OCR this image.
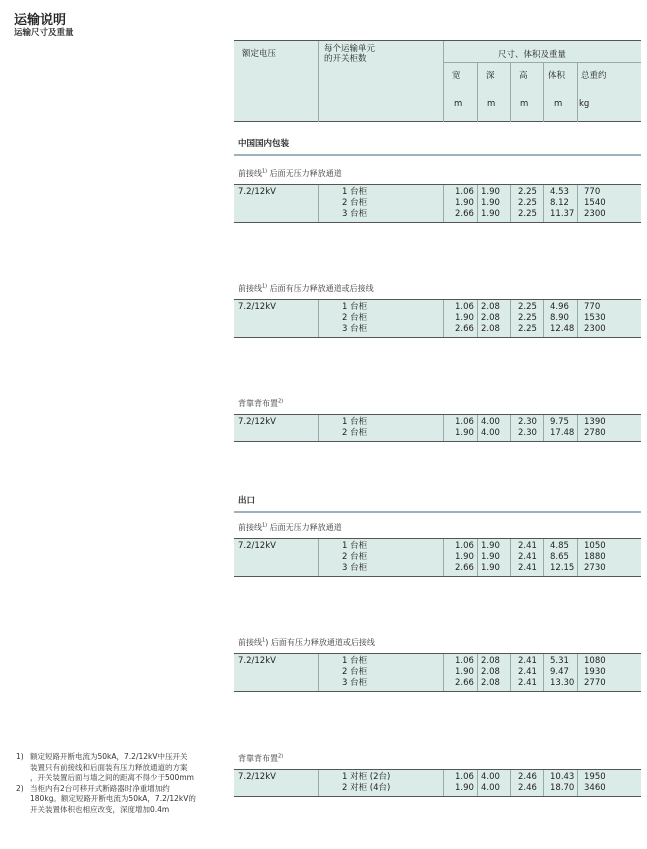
运输说明
运输尺寸及重量
额定电压	每个运输单元
的开关柜数	尺寸、体积及重量
宽	深	高 体积 总重约
m	m	m	m kg
中国国内包装
前接线$^{1)}$ 后面无压力释放通道
7.2/12kV	1 台柜	1.06 1.90 2.25 4.53 770
2 台柜	1.90 1.90 2.25 8.12 1540
3 台柜	2.66 1.90 2.25 11.37 2300
前接线$^{1)}$ 后面有压力释放通道或后接线
7.2/12kV	1 台柜	1.06 2.08 2.25 4.96 770
2 台柜	1.90 2.08 2.25 8.90 1530
3 台柜	2.66 2.08 2.25 12.48 2300
背靠背布置$^{2)}$
7.2/12kV	1 台柜	1.06 4.00 2.30 9.75 1390
2 台柜	1.90 4.00 2.30 17.48 2780
出口
前接线$^{1)}$ 后面无压力释放通道
7.2/12kV	1 台柜	1.06 1.90 2.41 4.85 1050
2 台柜	1.90 1.90 2.41 8.65 1880
3 台柜	2.66 1.90 2.41 12.15 2730
前接线$^1$) 后面有压力释放通道或后接线
7.2/12kV	1 台柜	1.06 2.08 2.41 5.31 1080
2 台柜	1.90 2.08 2.41 9.47 1930
3 台柜	2.66 2.08 2.41 13.30 2770
背靠背布置$^{2)}$
7.2/12kV	1 对柜 (2台)	1.06 4.00 2.46 10.43 1950
2 对柜 (4台)	1.90 4.00 2.46 18.70 3460
1) 额定短路开断电流为50kA，7.2/12kV中压开关
装置只有前接线和后面装有压力释放通道的方案
，开关装置后面与墙之间的距离不得少于500mm
2) 当柜内有2台可移开式断路器时净重增加约
180kg。额定短路开断电流为50kA，7.2/12kV的
开关装置体积也相应改变，深度增加0.4m
